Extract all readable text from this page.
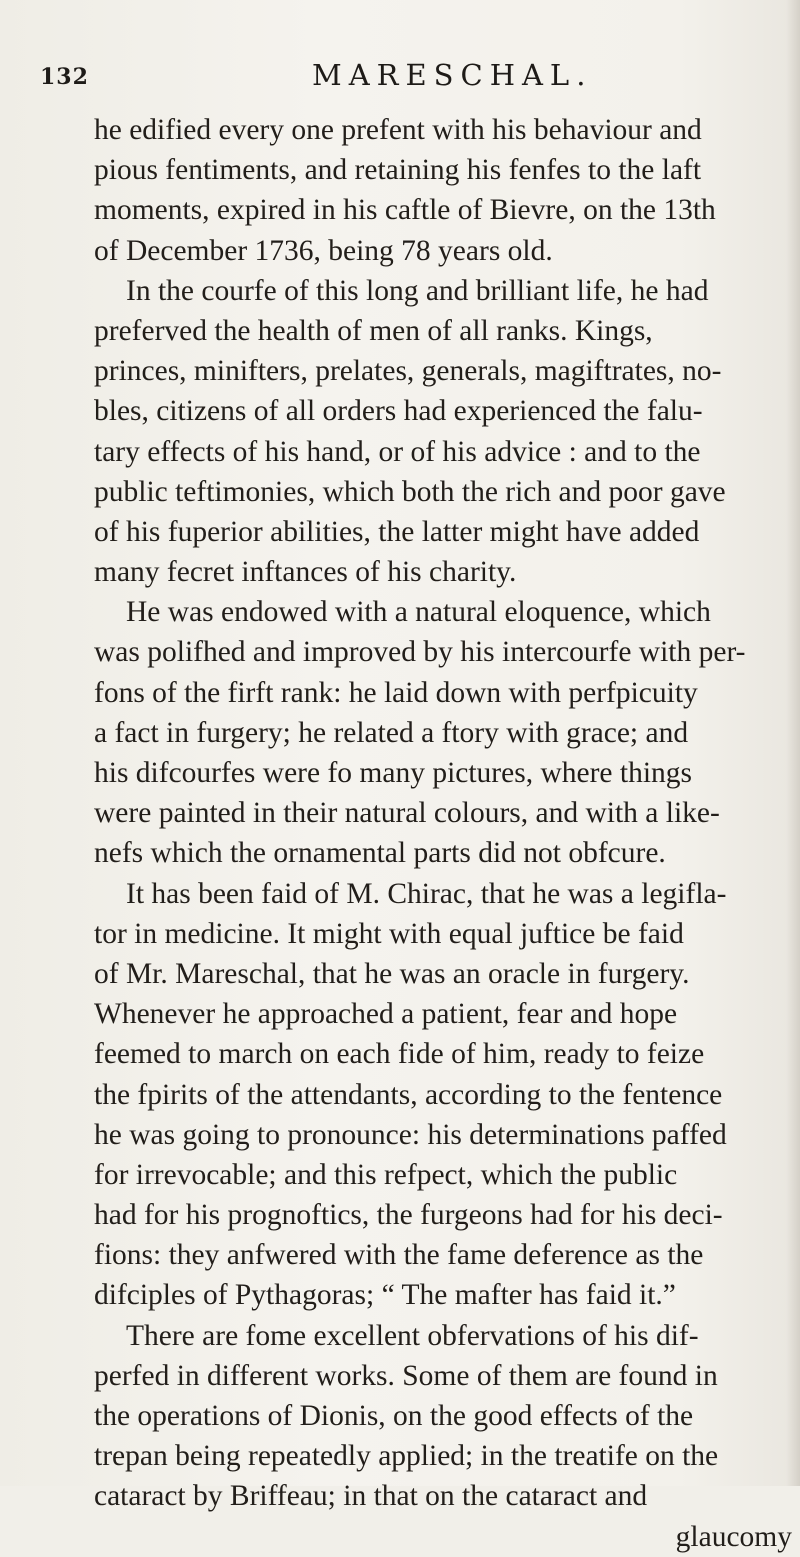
132	MARESCHAL.
he edified every one prefent with his behaviour and
pious fentiments, and retaining his fenfes to the laft
moments, expired in his caftle of Bievre, on the 13th
of December 1736, being 78 years old.
In the courfe of this long and brilliant life, he had
preferved the health of men of all ranks. Kings,
princes, minifters, prelates, generals, magiftrates, no-
bles, citizens of all orders had experienced the falu-
tary effects of his hand, or of his advice : and to the
public teftimonies, which both the rich and poor gave
of his fuperior abilities, the latter might have added
many fecret inftances of his charity.
He was endowed with a natural eloquence, which
was polifhed and improved by his intercourfe with per-
fons of the firft rank: he laid down with perfpicuity
a fact in furgery; he related a ftory with grace; and
his difcourfes were fo many pictures, where things
were painted in their natural colours, and with a like-
nefs which the ornamental parts did not obfcure.
It has been faid of M. Chirac, that he was a legifla-
tor in medicine. It might with equal juftice be faid
of Mr. Mareschal, that he was an oracle in furgery.
Whenever he approached a patient, fear and hope
feemed to march on each fide of him, ready to feize
the fpirits of the attendants, according to the fentence
he was going to pronounce: his determinations paffed
for irrevocable; and this refpect, which the public
had for his prognoftics, the furgeons had for his deci-
fions: they anfwered with the fame deference as the
difciples of Pythagoras; “ The mafter has faid it.”
There are fome excellent obfervations of his dif-
perfed in different works. Some of them are found in
the operations of Dionis, on the good effects of the
trepan being repeatedly applied; in the treatife on the
cataract by Briffeau; in that on the cataract and
glaucomy
